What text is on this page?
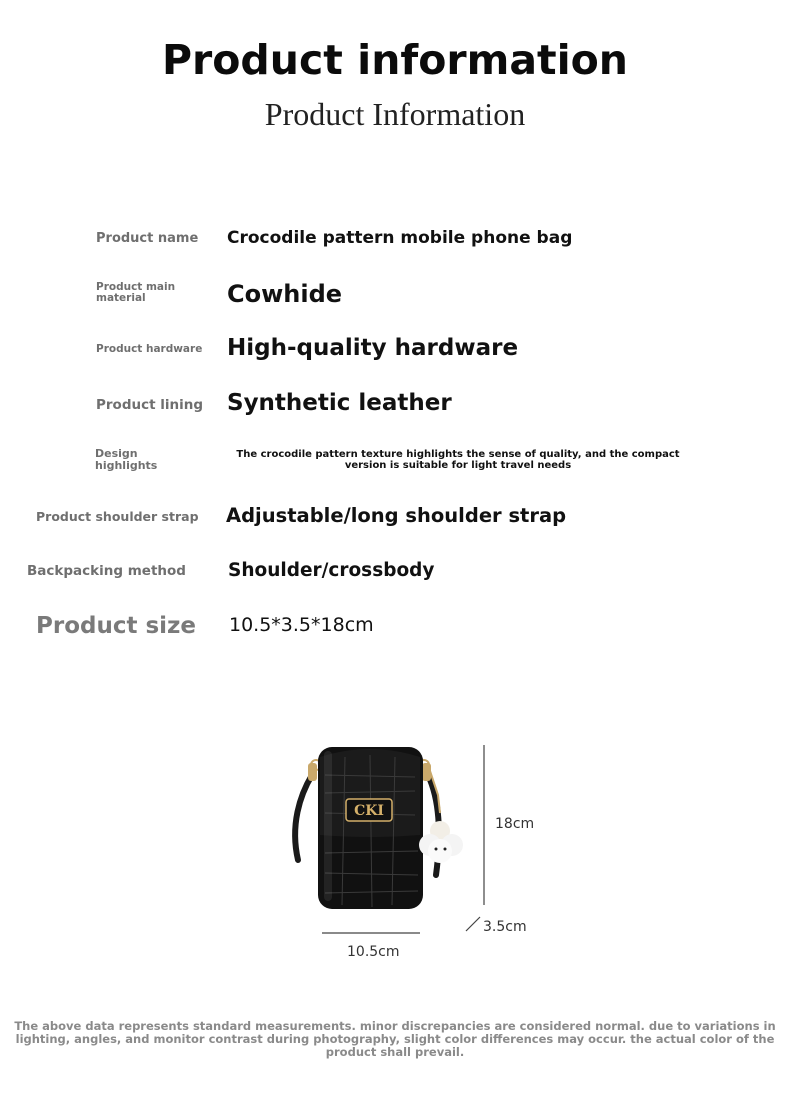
Product information
Product Information
Product name Crocodile pattern mobile phone bag
Product main material	Cowhide
Product hardware High-quality hardware
Product lining Synthetic leather
Design highlights
The crocodile pattern texture highlights the sense of quality, and the compact version is suitable for light travel needs
Product shoulder strap Adjustable/long shoulder strap
Backpacking method Shoulder/crossbody
Product size 10.5*3.5*18cm
CKI
18cm
3.5cm
10.5cm
The above data represents standard measurements. minor discrepancies are considered normal. due to variations in lighting, angles, and monitor contrast during photography, slight color differences may occur. the actual color of the product shall prevail.
